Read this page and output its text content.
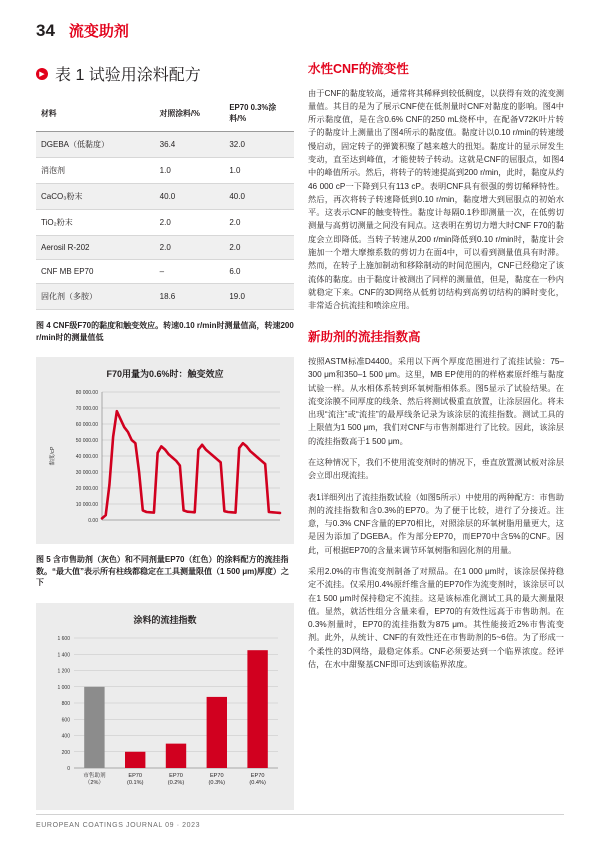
34 流变助剂
▶ 表 1 试验用涂料配方
材料	对照涂料/%	EP70 0.3%涂料/%
DGEBA（低黏度）	36.4	32.0
消泡剂	1.0	1.0
CaCO₃粉末	40.0	40.0
TiO₂粉末	2.0	2.0
Aerosil R-202	2.0	2.0
CNF MB EP70	–	6.0
固化剂（多胺）	18.6	19.0
图 4 CNF级F70的黏度和触变效应。转速0.10 r/min时测量值高，转速200 r/min时的测量值低
F70用量为0.6%时：触变效应
黏度/cP
0.00
10 000.00
20 000.00
30 000.00
40 000.00
50 000.00
60 000.00
70 000.00
80 000.00
图 5 含市售助剂（灰色）和不同剂量EP70（红色）的涂料配方的流挂指数。“最大值”表示所有柱线都稳定在工具测量限值（1 500 μm)厚度）之下
涂料的流挂指数
0
200
400
600
800
1 000
1 200
1 400
1 600
市售助剂
（2%）
EP70
(0.1%)
EP70
(0.2%)
EP70
(0.3%)
EP70
(0.4%)
水性CNF的流变性

由于CNF的黏度较高，通常将其稀释到较低稠度，以获得有效的流变测量值。其目的是为了展示CNF使在低剂量时CNF对黏度的影响。图4中所示黏度值，是在含0.6% CNF的250 mL烧杯中，在配备V72K叶片转子的黏度计上测量出了图4所示的黏度值。黏度计以0.10 r/min的转速缓慢启动，固定转子的弹簧积聚了越来越大的扭矩。黏度计的显示屏发生变动，直至达到峰值，才能使转子转动。这就是CNF的屈服点，如图4中的峰值所示。然后，将转子的转速提高到200 r/min，此时，黏度从约46 000 cP一下降到只有113 cP。表明CNF具有很强的剪切稀释特性。然后，再次将转子转速降低到0.10 r/min，黏度增大到屈服点的初始水平。这表示CNF的触变特性。黏度计每隔0.1秒即测量一次，在低剪切测量与高剪切测量之间没有间点。这表明在剪切力增大时CNF F70的黏度会立即降低。当转子转速从200 r/min降低到0.10 r/min时，黏度计会施加一个增大摩擦系数的剪切力在面4中，可以看到测量值具有时滞。然而，在转子上施加制动和移除制动的时间范围内，CNF已经稳定了该流体的黏度。由于黏度计被测出了同样的测量值，但是，黏度在一秒内就稳定下来。CNF的3D网络从低剪切结构到高剪切结构的瞬时变化，非常适合抗流挂和喷涂应用。

新助剂的流挂指数高

按照ASTM标准D4400。采用以下两个厚度范围进行了流挂试验：75–300 μm和350–1 500 μm。这里，MB EP使用的的样格素原纤维与黏度试验一样。从水相体系转到环氧树脂相体系。图5显示了试验结果。在流变涂膜不同厚度的线条、然后将测试极重直放置，让涂层固化。将未出现“流注”或“流挂”的最厚线条记录为该涂层的流挂指数。测试工具的上限值为1 500 μm，我们对CNF与市售剂都进行了比较。因此，该涂层的流挂指数高于1 500 μm。

在这种情况下，我们不使用流变剂时的情况下，垂直放置测试板对涂层会立即出现流挂。

表1详细列出了流挂指数试验（如图5所示）中使用的两种配方：市售助剂的流挂指数和含0.3%的EP70。为了便于比较，进行了分接近。注意，与0.3% CNF含量的EP70相比，对照涂层的环氧树脂用量更大，这是因为添加了DGEBA。作为部分EP70，而EP70中含5%的CNF。因此，可根据EP70的含量来调节环氧树脂和固化剂的用量。

采用2.0%的市售流变剂制备了对照品。在1 000 μm时，该涂层保持稳定不流挂。仅采用0.4%原纤维含量的EP70作为流变剂时，该涂层可以在1 500 μm时保持稳定不流挂。这是该标准化测试工具的最大测量限值。显然，就活性组分含量来看，EP70的有效性远高于市售助剂。在0.3%剂量时，EP70的流挂指数为875 μm。其性能接近2%市售流变剂。此外，从统计、CNF的有效性还在市售助剂的5~6倍。为了形成一个柔性的3D网络，最稳定体系。CNF必须要达到一个临界浓度。经评估，在水中甜聚基CNF即可达到该临界浓度。

EUROPEAN COATINGS JOURNAL 09 · 2023
